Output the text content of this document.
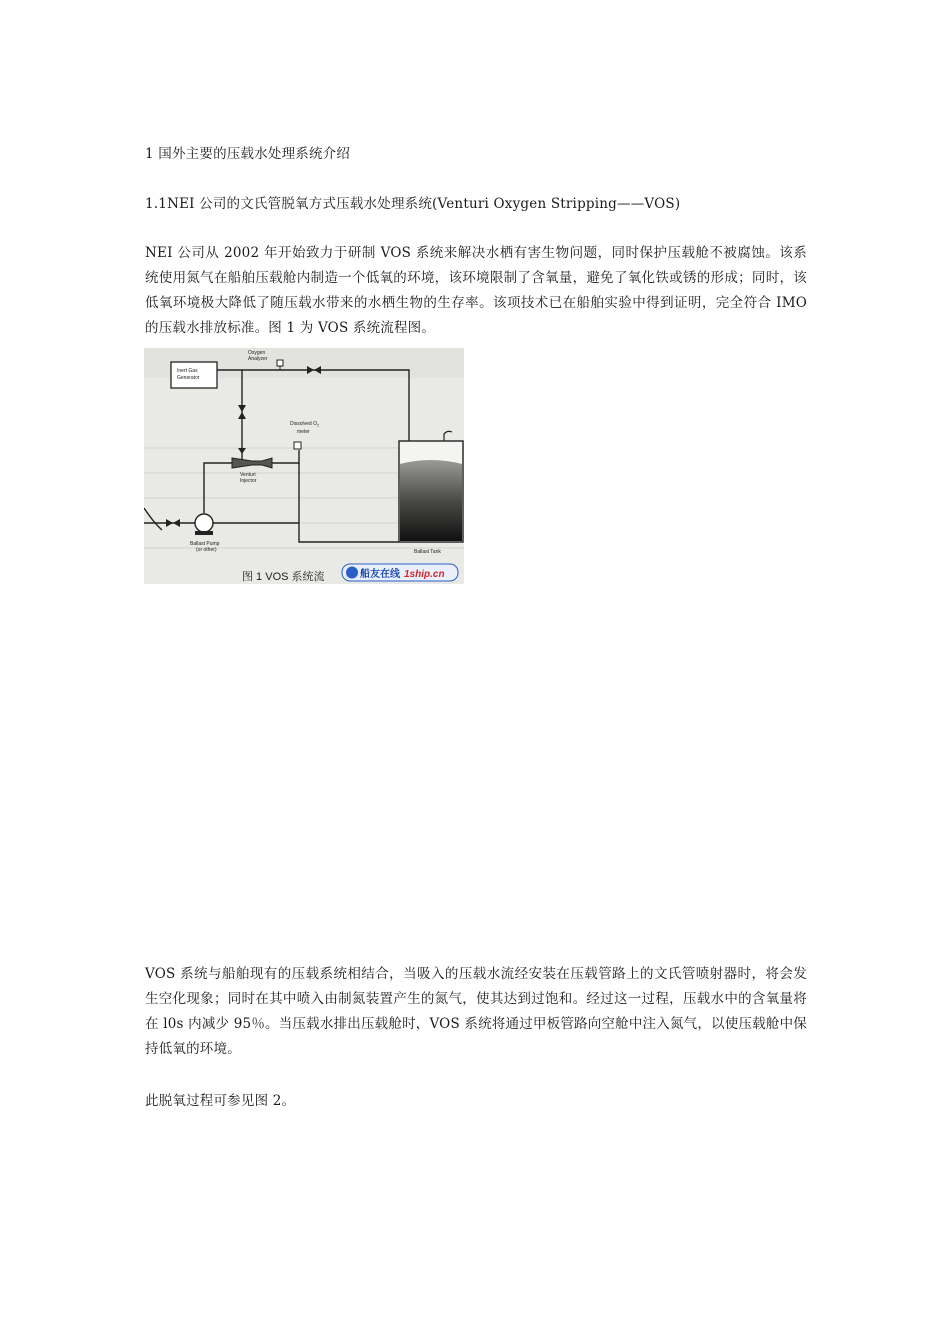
1 国外主要的压载水处理系统介绍
1.1NEI 公司的文氏管脱氧方式压载水处理系统(Venturi Oxygen Stripping——VOS)
NEI 公司从 2002 年开始致力于研制 VOS 系统来解决水栖有害生物问题，同时保护压载舱不被腐蚀。该系统使用氮气在船舶压载舱内制造一个低氧的环境，该环境限制了含氧量，避免了氧化铁或锈的形成；同时，该低氧环境极大降低了随压载水带来的水栖生物的生存率。该项技术已在船舶实验中得到证明，完全符合 IMO 的压载水排放标准。图 1 为 VOS 系统流程图。
Inert Gas
Generator
Oxygen
Analyzer
Venturi
Injector
Dissolved $O_2$
meter
Ballast Pump
(or other)	Ballast Tank
图 1 VOS 系统流	船友在线 1ship.cn
VOS 系统与船舶现有的压载系统相结合，当吸入的压载水流经安装在压载管路上的文氏管喷射器时，将会发生空化现象；同时在其中喷入由制氮装置产生的氮气，使其达到过饱和。经过这一过程，压载水中的含氧量将在 l0s 内减少 95％。当压载水排出压载舱时，VOS 系统将通过甲板管路向空舱中注入氮气，以使压载舱中保持低氧的环境。
此脱氧过程可参见图 2。
